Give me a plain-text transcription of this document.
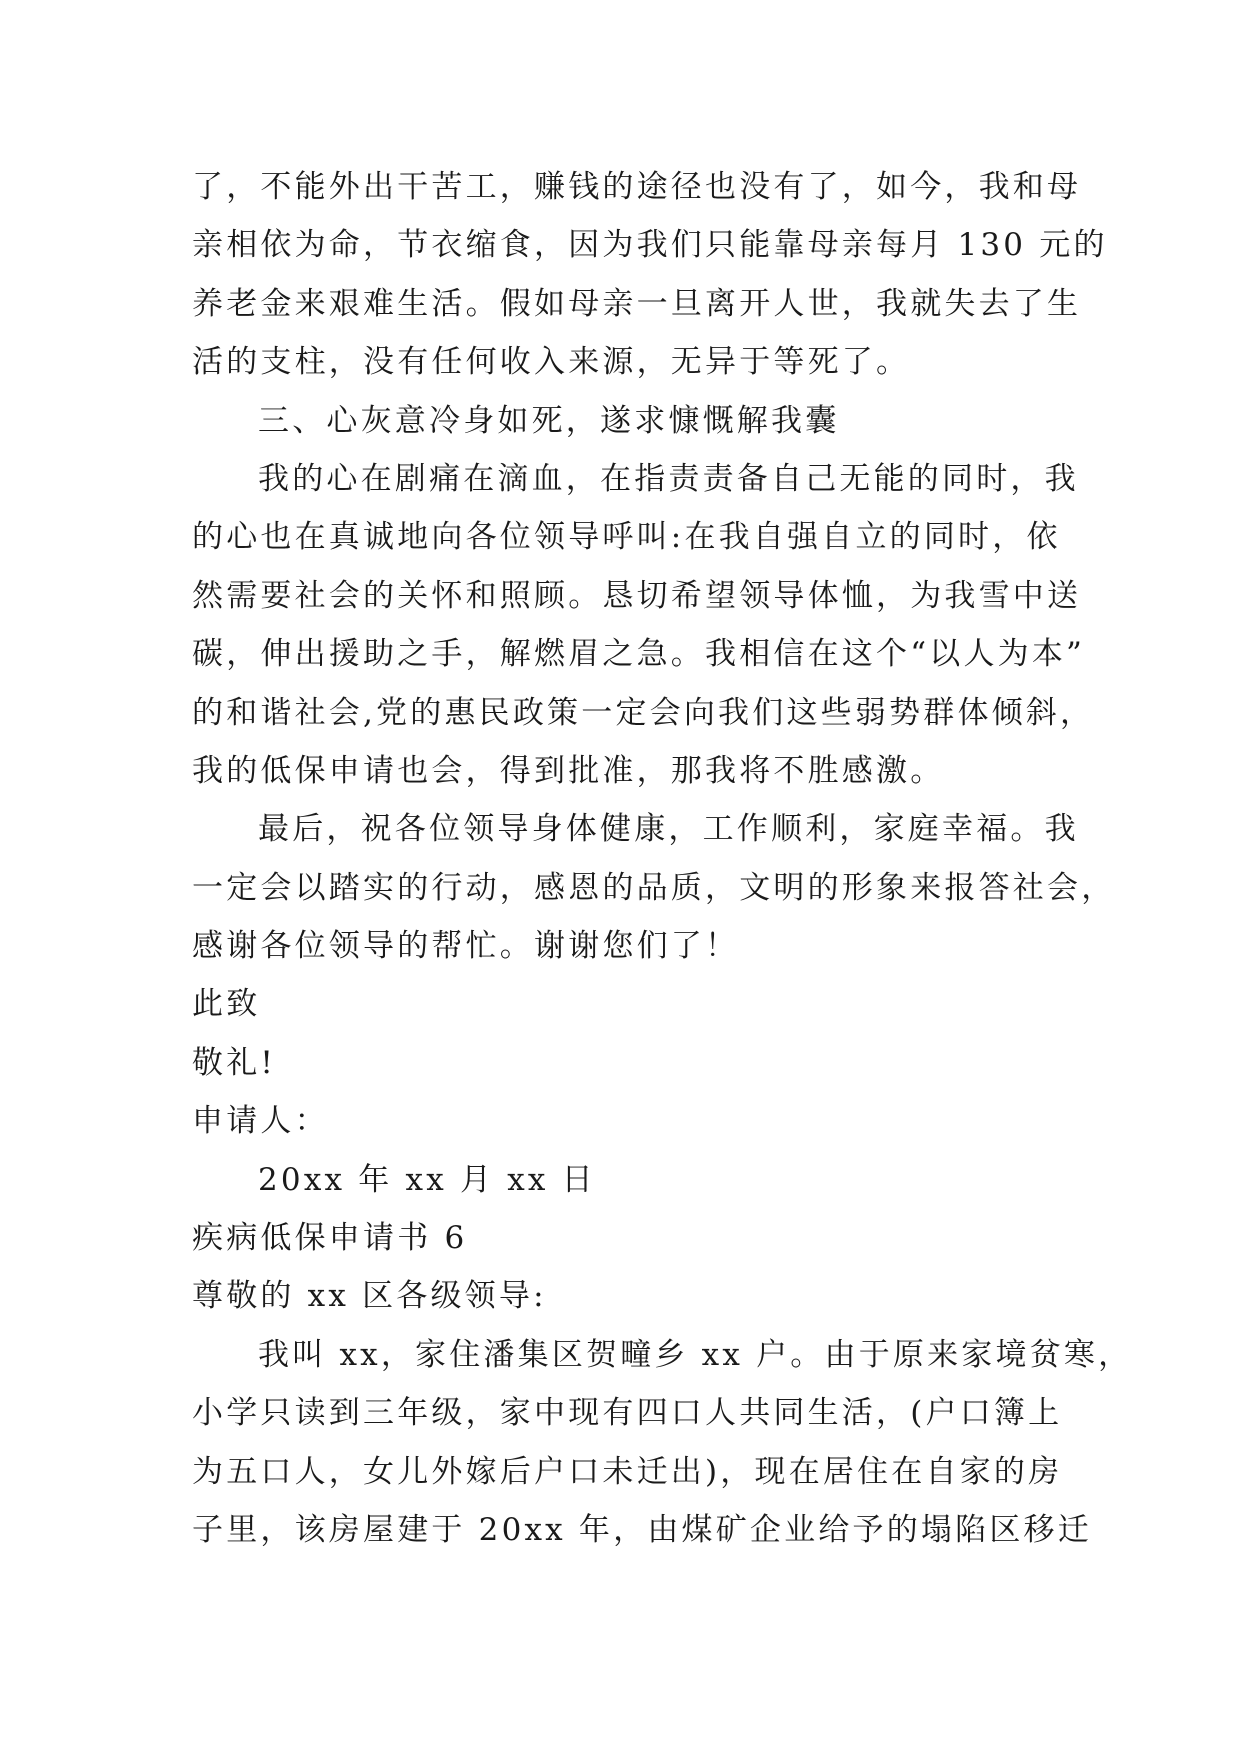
了，不能外出干苦工，赚钱的途径也没有了，如今，我和母
亲相依为命，节衣缩食，因为我们只能靠母亲每月 130 元的
养老金来艰难生活。假如母亲一旦离开人世，我就失去了生
活的支柱，没有任何收入来源，无异于等死了。
三、心灰意冷身如死，遂求慷慨解我囊
我的心在剧痛在滴血，在指责责备自己无能的同时，我
的心也在真诚地向各位领导呼叫:在我自强自立的同时，依
然需要社会的关怀和照顾。恳切希望领导体恤，为我雪中送
碳，伸出援助之手，解燃眉之急。我相信在这个“以人为本”
的和谐社会,党的惠民政策一定会向我们这些弱势群体倾斜，
我的低保申请也会，得到批准，那我将不胜感激。
最后，祝各位领导身体健康，工作顺利，家庭幸福。我
一定会以踏实的行动，感恩的品质，文明的形象来报答社会，
感谢各位领导的帮忙。谢谢您们了！
此致
敬礼!
申请人：
20xx 年 xx 月 xx 日
疾病低保申请书 6
尊敬的 xx 区各级领导:
我叫 xx，家住潘集区贺疃乡 xx 户。由于原来家境贫寒，
小学只读到三年级，家中现有四口人共同生活，(户口簿上
为五口人，女儿外嫁后户口未迁出)，现在居住在自家的房
子里，该房屋建于 20xx 年，由煤矿企业给予的塌陷区移迁
